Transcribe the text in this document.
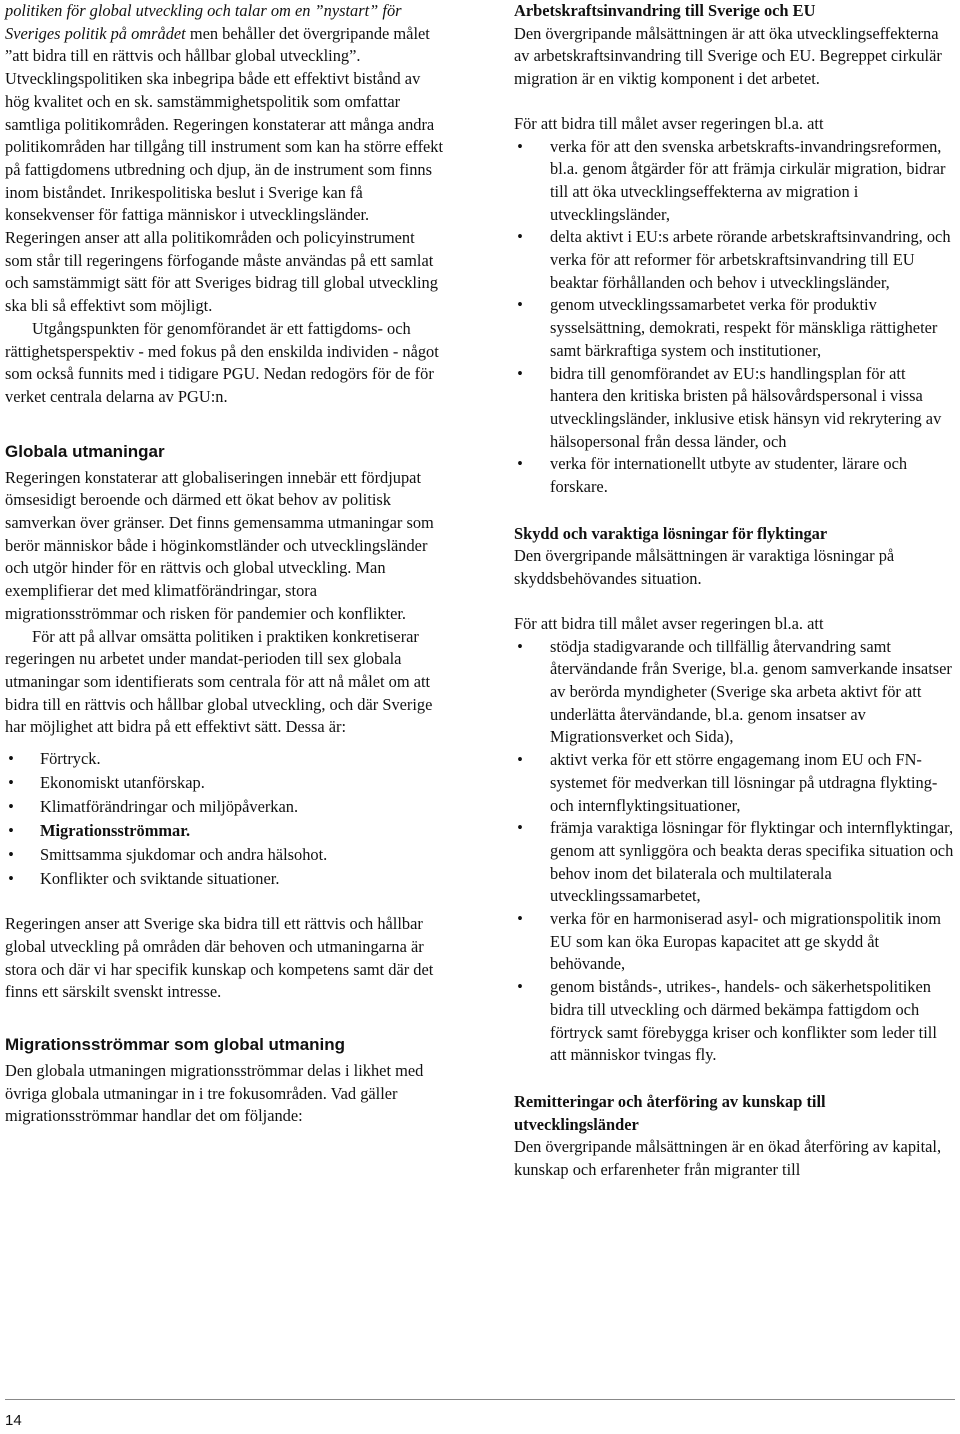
politiken för global utveckling och talar om en ”nystart” för Sveriges politik på området men behåller det övergripande målet ”att bidra till en rättvis och hållbar global utveckling”. Utvecklingspolitiken ska inbegripa både ett effektivt bistånd av hög kvalitet och en sk. samstämmighetspolitik som omfattar samtliga politikområden. Regeringen konstaterar att många andra politikområden har tillgång till instrument som kan ha större effekt på fattigdomens utbredning och djup, än de instrument som finns inom biståndet. Inrikespolitiska beslut i Sverige kan få konsekvenser för fattiga människor i utvecklingsländer. Regeringen anser att alla politikområden och policyinstrument som står till regeringens förfogande måste användas på ett samlat och samstämmigt sätt för att Sveriges bidrag till global utveckling ska bli så effektivt som möjligt.

Utgångspunkten för genomförandet är ett fattigdoms- och rättighetsperspektiv - med fokus på den enskilda individen - något som också funnits med i tidigare PGU. Nedan redogörs för de för verket centrala delarna av PGU:n.

Globala utmaningar

Regeringen konstaterar att globaliseringen innebär ett fördjupat ömsesidigt beroende och därmed ett ökat behov av politisk samverkan över gränser. Det finns gemensamma utmaningar som berör människor både i höginkomstländer och utvecklingsländer och utgör hinder för en rättvis och global utveckling. Man exemplifierar det med klimatförändringar, stora migrationsströmmar och risken för pandemier och konflikter.

För att på allvar omsätta politiken i praktiken konkretiserar regeringen nu arbetet under mandat-perioden till sex globala utmaningar som identifierats som centrala för att nå målet om att bidra till en rättvis och hållbar global utveckling, och där Sverige har möjlighet att bidra på ett effektivt sätt. Dessa är:

• Förtryck.
• Ekonomiskt utanförskap.
• Klimatförändringar och miljöpåverkan.
• Migrationsströmmar.
• Smittsamma sjukdomar och andra hälsohot.
• Konflikter och sviktande situationer.

Regeringen anser att Sverige ska bidra till ett rättvis och hållbar global utveckling på områden där behoven och utmaningarna är stora och där vi har specifik kunskap och kompetens samt där det finns ett särskilt svenskt intresse.

Migrationsströmmar som global utmaning

Den globala utmaningen migrationsströmmar delas i likhet med övriga globala utmaningar in i tre fokusområden. Vad gäller migrationsströmmar handlar det om följande:

Arbetskraftsinvandring till Sverige och EU

Den övergripande målsättningen är att öka utvecklingseffekterna av arbetskraftsinvandring till Sverige och EU. Begreppet cirkulär migration är en viktig komponent i det arbetet.

För att bidra till målet avser regeringen bl.a. att

• verka för att den svenska arbetskrafts-invandringsreformen, bl.a. genom åtgärder för att främja cirkulär migration, bidrar till att öka utvecklingseffekterna av migration i utvecklingsländer,
• delta aktivt i EU:s arbete rörande arbetskraftsinvandring, och verka för att reformer för arbetskraftsinvandring till EU beaktar förhållanden och behov i utvecklingsländer,
• genom utvecklingssamarbetet verka för produktiv sysselsättning, demokrati, respekt för mänskliga rättigheter samt bärkraftiga system och institutioner,
• bidra till genomförandet av EU:s handlingsplan för att hantera den kritiska bristen på hälsovårdspersonal i vissa utvecklingsländer, inklusive etisk hänsyn vid rekrytering av hälsopersonal från dessa länder, och
• verka för internationellt utbyte av studenter, lärare och forskare.
Skydd och varaktiga lösningar för flyktingar

Den övergripande målsättningen är varaktiga lösningar på skyddsbehövandes situation.

För att bidra till målet avser regeringen bl.a. att

• stödja stadigvarande och tillfällig återvandring samt återvändande från Sverige, bl.a. genom samverkande insatser av berörda myndigheter (Sverige ska arbeta aktivt för att underlätta återvändande, bl.a. genom insatser av Migrationsverket och Sida),
• aktivt verka för ett större engagemang inom EU och FN-systemet för medverkan till lösningar på utdragna flykting- och internflyktingsituationer,
• främja varaktiga lösningar för flyktingar och internflyktingar, genom att synliggöra och beakta deras specifika situation och behov inom det bilaterala och multilaterala utvecklingssamarbetet,
• verka för en harmoniserad asyl- och migrationspolitik inom EU som kan öka Europas kapacitet att ge skydd åt behövande,
• genom bistånds-, utrikes-, handels- och säkerhetspolitiken bidra till utveckling och därmed bekämpa fattigdom och förtryck samt förebygga kriser och konflikter som leder till att människor tvingas fly.
Remitteringar och återföring av kunskap till utvecklingsländer

Den övergripande målsättningen är en ökad återföring av kapital, kunskap och erfarenheter från migranter till

14
